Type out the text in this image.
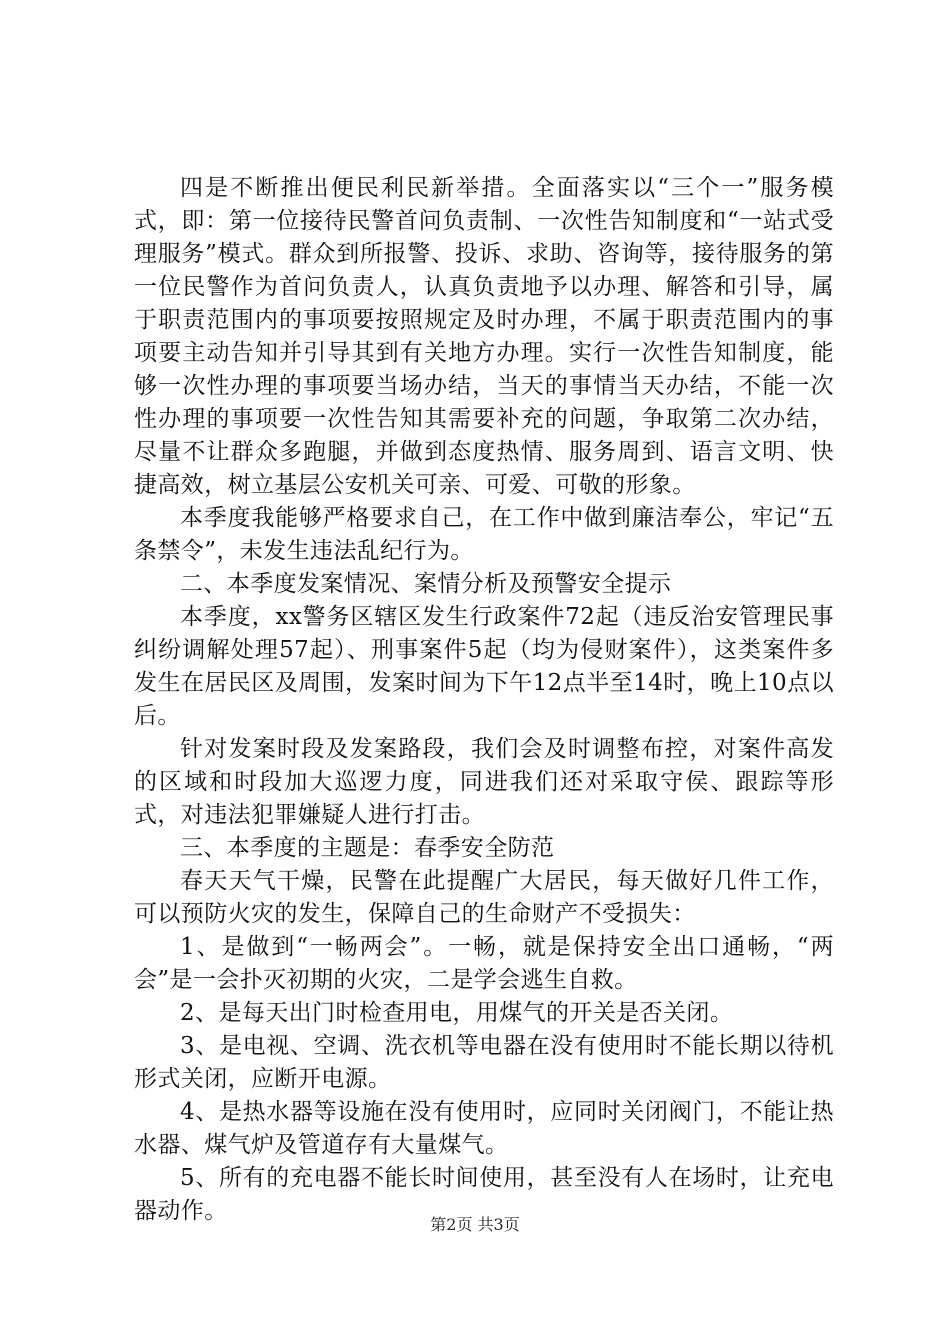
四是不断推出便民利民新举措。全面落实以“三个一”服务模式，即：第一位接待民警首问负责制、一次性告知制度和“一站式受理服务”模式。群众到所报警、投诉、求助、咨询等，接待服务的第一位民警作为首问负责人，认真负责地予以办理、解答和引导，属于职责范围内的事项要按照规定及时办理，不属于职责范围内的事项要主动告知并引导其到有关地方办理。实行一次性告知制度，能够一次性办理的事项要当场办结，当天的事情当天办结，不能一次性办理的事项要一次性告知其需要补充的问题，争取第二次办结，尽量不让群众多跑腿，并做到态度热情、服务周到、语言文明、快捷高效，树立基层公安机关可亲、可爱、可敬的形象。

本季度我能够严格要求自己，在工作中做到廉洁奉公，牢记“五条禁令”，未发生违法乱纪行为。

二、本季度发案情况、案情分析及预警安全提示

本季度，xx警务区辖区发生行政案件72起（违反治安管理民事纠纷调解处理57起）、刑事案件5起（均为侵财案件），这类案件多发生在居民区及周围，发案时间为下午12点半至14时，晚上10点以后。

针对发案时段及发案路段，我们会及时调整布控，对案件高发的区域和时段加大巡逻力度，同进我们还对采取守侯、跟踪等形式，对违法犯罪嫌疑人进行打击。

三、本季度的主题是：春季安全防范

春天天气干燥，民警在此提醒广大居民，每天做好几件工作，可以预防火灾的发生，保障自己的生命财产不受损失：

1、是做到“一畅两会”。一畅，就是保持安全出口通畅，“两会”是一会扑灭初期的火灾，二是学会逃生自救。

2、是每天出门时检查用电，用煤气的开关是否关闭。

3、是电视、空调、洗衣机等电器在没有使用时不能长期以待机形式关闭，应断开电源。

4、是热水器等设施在没有使用时，应同时关闭阀门，不能让热水器、煤气炉及管道存有大量煤气。

5、所有的充电器不能长时间使用，甚至没有人在场时，让充电器动作。

第2页 共3页
